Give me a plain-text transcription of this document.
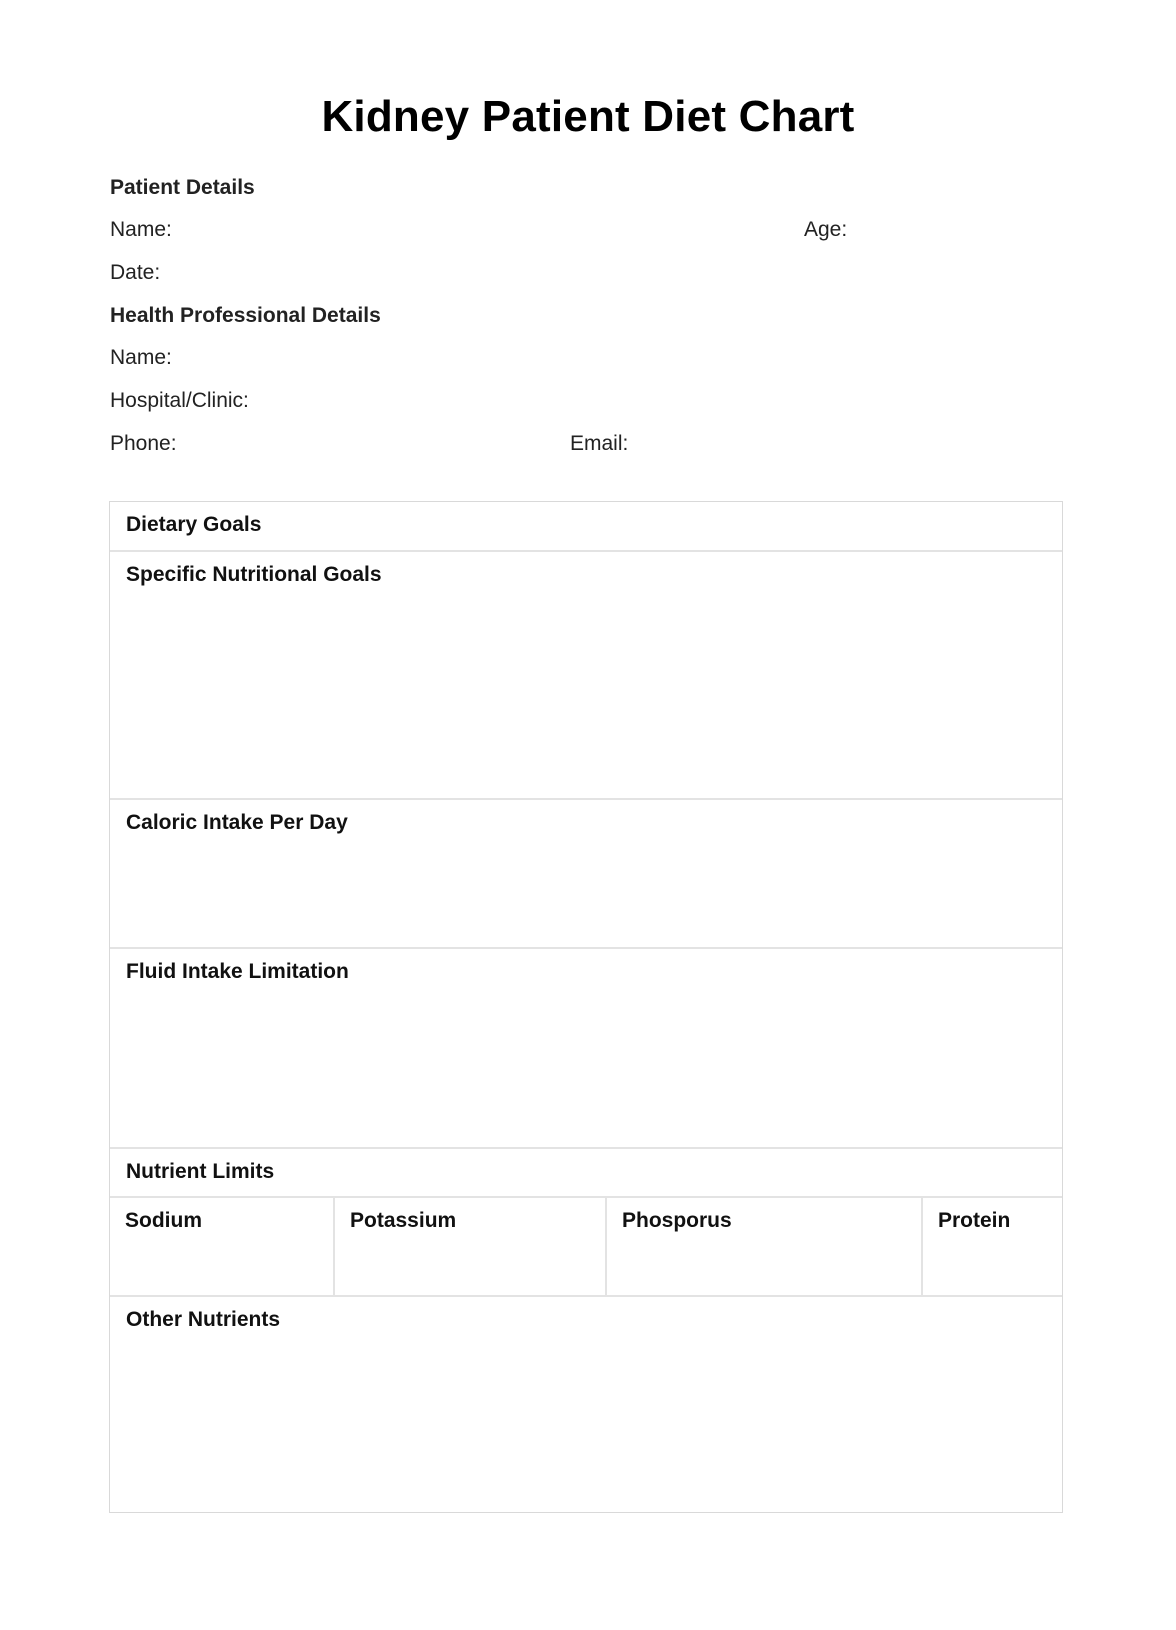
Kidney Patient Diet Chart
Patient Details
Name:	Age:
Date:
Health Professional Details
Name:
Hospital/Clinic:
Phone:	Email:
Dietary Goals
Specific Nutritional Goals
Caloric Intake Per Day
Fluid Intake Limitation
Nutrient Limits
Sodium	Potassium	Phosporus	Protein
Other Nutrients
